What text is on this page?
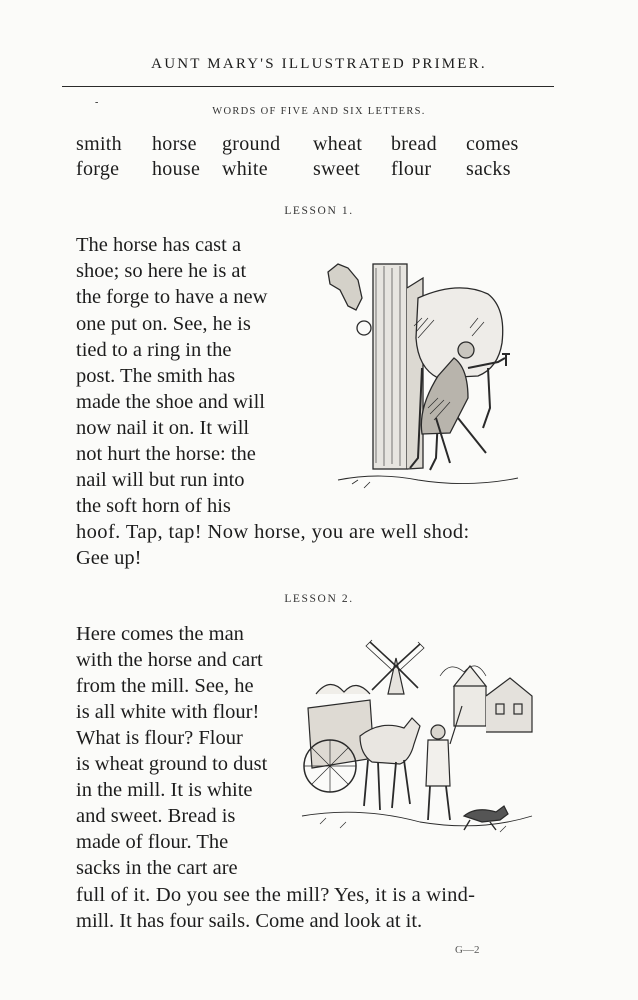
AUNT MARY'S ILLUSTRATED PRIMER.
-
WORDS OF FIVE AND SIX LETTERS.
smith horse ground wheat bread comes
forge house white sweet flour sacks
LESSON 1.
The horse has cast a
shoe; so here he is at
the forge to have a new
one put on. See, he is
tied to a ring in the
post. The smith has
made the shoe and will
now nail it on. It will
not hurt the horse: the
nail will but run into
the soft horn of his
hoof. Tap, tap! Now horse, you are well shod:
Gee up!
LESSON 2.
Here comes the man
with the horse and cart
from the mill. See, he
is all white with flour!
What is flour? Flour
is wheat ground to dust
in the mill. It is white
and sweet. Bread is
made of flour. The
sacks in the cart are
full of it. Do you see the mill? Yes, it is a wind-
mill. It has four sails. Come and look at it.
G—2
